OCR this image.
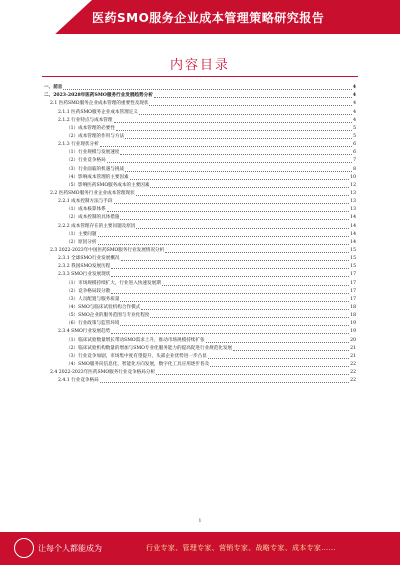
医药SMO服务企业成本管理策略研究报告
内容目录
一、前言	4
二、2023-2028年医药SMO服务行业发展趋势分析	4
2.1 医药SMO服务企业成本管理的重要性及现状	4
2.1.1 医药SMO服务企业成本管理定义	4
2.1.2 行业特点与成本管理	4
（1）成本管理的必要性	5
（2）成本管理的作用与方法	5
2.1.3 行业现状分析	6
（1）行业规模与发展速度	6
（2）行业竞争格局	7
（3）行业面临的机遇与挑战	8
（4）影响成本管理的主要因素	10
（5）影响医药SMO服务成本的主要因素	12
2.2 医药SMO服务行业企业成本管理现状	13
2.2.1 成本控制方法与手段	13
（1）成本核算体系	13
（2）成本控制的具体措施	14
2.2.2 成本管理存在的主要问题及原因	14
（1）主要问题	14
（2）原因分析	14
2.3 2022-2023年中国医药SMO服务行业发展情况分析	15
2.3.1 全球SMO行业发展概况	15
2.3.2 我国SMO发展历程	15
2.3.3 SMO行业发展现状	17
（1）市场规模持续扩大，行业进入快速发展期	17
（2）竞争格局较分散	17
（3）人员配置与服务质量	17
（4）SMO与临床试验机构合作模式	18
（5）SMO企业的服务范围与专业化程度	18
（6）行业政策与监管环境	19
2.3.4 SMO行业发展趋势	19
（1）临床试验数量增长带动SMO需求上升，推动市场规模持续扩张	20
（2）临床试验机构数量的增加与SMO专业化服务能力的提高促进行业规范化发展	21
（3）行业竞争加剧，市场集中度有望提升，头部企业优势进一步凸显	21
（4）SMO服务向信息化、智能化方向发展，数字化工具应用逐步普及	22
2.4 2022-2023年医药SMO服务行业竞争格局分析	22
2.4.1 行业竞争格局	22
1
让每个人都能成为	行业专家、管理专家、营销专家、战略专家、成本专家……
